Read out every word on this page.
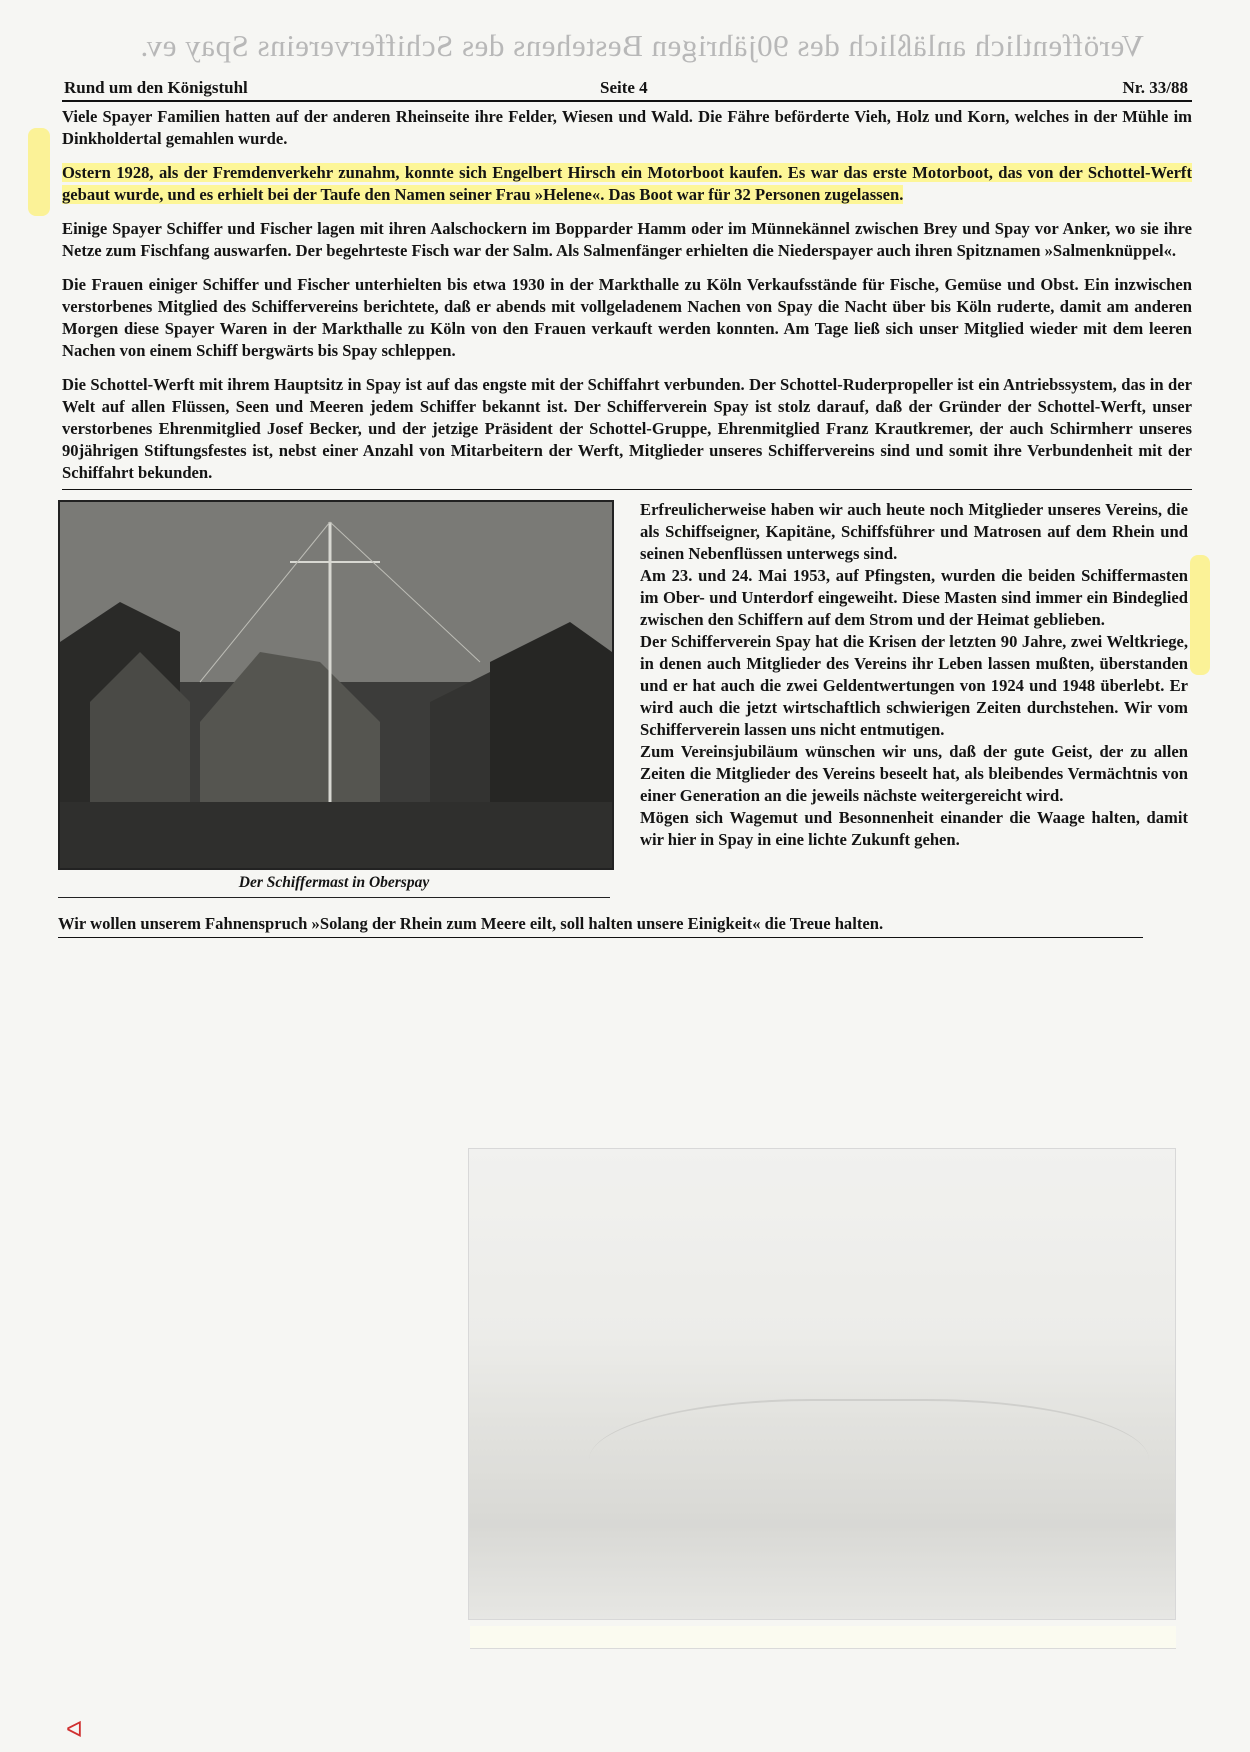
Veröffentlich anläßlich des 90jährigen Bestehens des Schiffervereins Spay ev.
Rund um den Königstuhl	Seite 4	Nr. 33/88

Viele Spayer Familien hatten auf der anderen Rheinseite ihre Felder, Wiesen und Wald. Die Fähre beförderte Vieh, Holz und Korn, welches in der Mühle im Dinkholdertal gemahlen wurde.

Ostern 1928, als der Fremdenverkehr zunahm, konnte sich Engelbert Hirsch ein Motorboot kaufen. Es war das erste Motorboot, das von der Schottel-Werft gebaut wurde, und es erhielt bei der Taufe den Namen seiner Frau »Helene«. Das Boot war für 32 Personen zugelassen.

Einige Spayer Schiffer und Fischer lagen mit ihren Aalschockern im Bopparder Hamm oder im Münnekännel zwischen Brey und Spay vor Anker, wo sie ihre Netze zum Fischfang auswarfen. Der begehrteste Fisch war der Salm. Als Salmenfänger erhielten die Niederspayer auch ihren Spitznamen »Salmenknüppel«.

Die Frauen einiger Schiffer und Fischer unterhielten bis etwa 1930 in der Markthalle zu Köln Verkaufsstände für Fische, Gemüse und Obst. Ein inzwischen verstorbenes Mitglied des Schiffervereins berichtete, daß er abends mit vollgeladenem Nachen von Spay die Nacht über bis Köln ruderte, damit am anderen Morgen diese Spayer Waren in der Markthalle zu Köln von den Frauen verkauft werden konnten. Am Tage ließ sich unser Mitglied wieder mit dem leeren Nachen von einem Schiff bergwärts bis Spay schleppen.

Die Schottel-Werft mit ihrem Hauptsitz in Spay ist auf das engste mit der Schiffahrt verbunden. Der Schottel-Ruderpropeller ist ein Antriebssystem, das in der Welt auf allen Flüssen, Seen und Meeren jedem Schiffer bekannt ist. Der Schifferverein Spay ist stolz darauf, daß der Gründer der Schottel-Werft, unser verstorbenes Ehrenmitglied Josef Becker, und der jetzige Präsident der Schottel-Gruppe, Ehrenmitglied Franz Krautkremer, der auch Schirmherr unseres 90jährigen Stiftungsfestes ist, nebst einer Anzahl von Mitarbeitern der Werft, Mitglieder unseres Schiffervereins sind und somit ihre Verbundenheit mit der Schiffahrt bekunden.

Der Schiffermast in Oberspay

Erfreulicherweise haben wir auch heute noch Mitglieder unseres Vereins, die als Schiffseigner, Kapitäne, Schiffsführer und Matrosen auf dem Rhein und seinen Nebenflüssen unterwegs sind.

Am 23. und 24. Mai 1953, auf Pfingsten, wurden die beiden Schiffermasten im Ober- und Unterdorf eingeweiht. Diese Masten sind immer ein Bindeglied zwischen den Schiffern auf dem Strom und der Heimat geblieben.

Der Schifferverein Spay hat die Krisen der letzten 90 Jahre, zwei Weltkriege, in denen auch Mitglieder des Vereins ihr Leben lassen mußten, überstanden und er hat auch die zwei Geldentwertungen von 1924 und 1948 überlebt. Er wird auch die jetzt wirtschaftlich schwierigen Zeiten durchstehen. Wir vom Schifferverein lassen uns nicht entmutigen.

Zum Vereinsjubiläum wünschen wir uns, daß der gute Geist, der zu allen Zeiten die Mitglieder des Vereins beseelt hat, als bleibendes Vermächtnis von einer Generation an die jeweils nächste weitergereicht wird.

Mögen sich Wagemut und Besonnenheit einander die Waage halten, damit wir hier in Spay in eine lichte Zukunft gehen.

Wir wollen unserem Fahnenspruch »Solang der Rhein zum Meere eilt, soll halten unsere Einigkeit« die Treue halten.
ᐊ
